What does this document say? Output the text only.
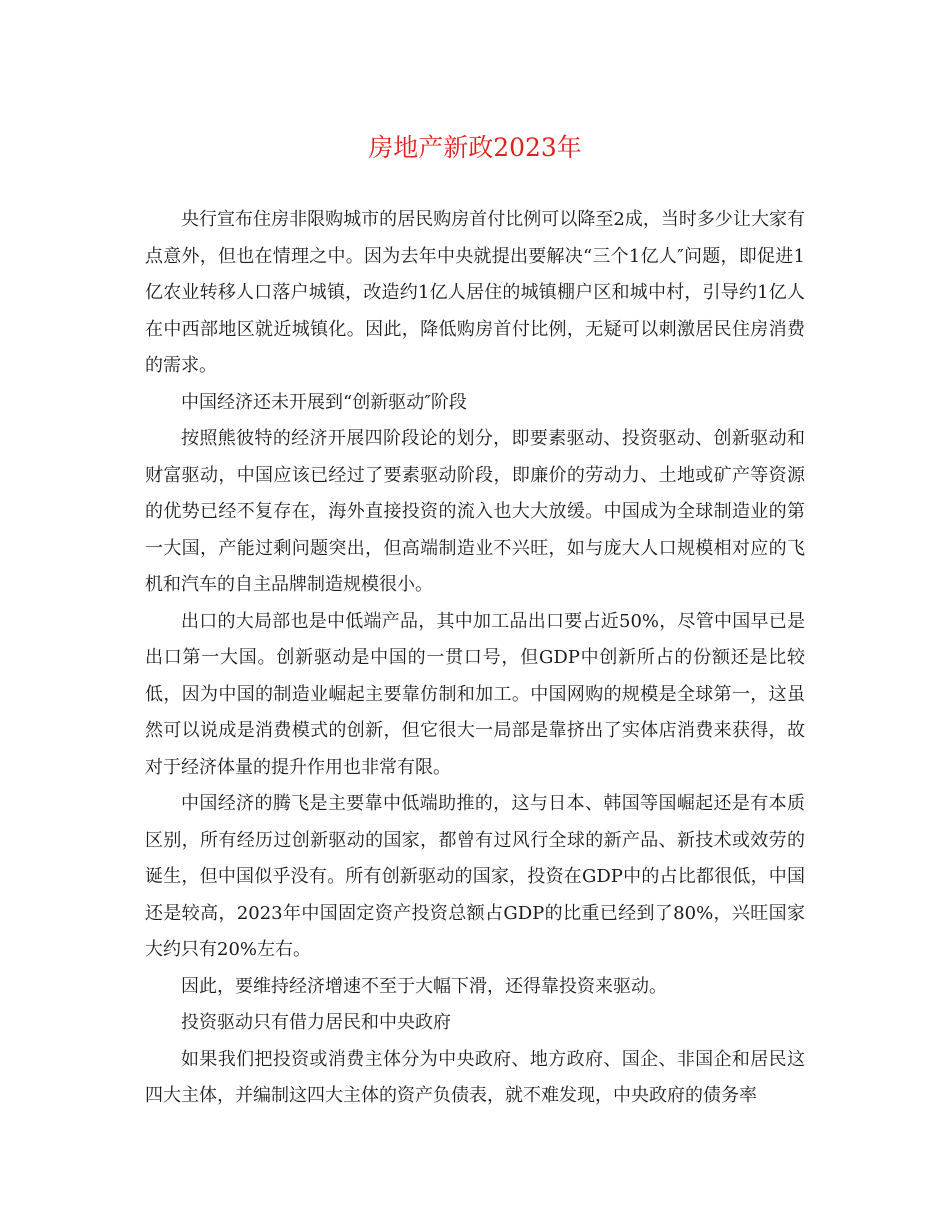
房地产新政2023年

央行宣布住房非限购城市的居民购房首付比例可以降至2成，当时多少让大家有点意外，但也在情理之中。因为去年中央就提出要解决“三个1亿人″问题，即促进1亿农业转移人口落户城镇，改造约1亿人居住的城镇棚户区和城中村，引导约1亿人在中西部地区就近城镇化。因此，降低购房首付比例，无疑可以刺激居民住房消费的需求。

中国经济还未开展到“创新驱动″阶段

按照熊彼特的经济开展四阶段论的划分，即要素驱动、投资驱动、创新驱动和财富驱动，中国应该已经过了要素驱动阶段，即廉价的劳动力、土地或矿产等资源的优势已经不复存在，海外直接投资的流入也大大放缓。中国成为全球制造业的第一大国，产能过剩问题突出，但高端制造业不兴旺，如与庞大人口规模相对应的飞机和汽车的自主品牌制造规模很小。

出口的大局部也是中低端产品，其中加工品出口要占近50%，尽管中国早已是出口第一大国。创新驱动是中国的一贯口号，但GDP中创新所占的份额还是比较低，因为中国的制造业崛起主要靠仿制和加工。中国网购的规模是全球第一，这虽然可以说成是消费模式的创新，但它很大一局部是靠挤出了实体店消费来获得，故对于经济体量的提升作用也非常有限。

中国经济的腾飞是主要靠中低端助推的，这与日本、韩国等国崛起还是有本质区别，所有经历过创新驱动的国家，都曾有过风行全球的新产品、新技术或效劳的诞生，但中国似乎没有。所有创新驱动的国家，投资在GDP中的占比都很低，中国还是较高，2023年中国固定资产投资总额占GDP的比重已经到了80%，兴旺国家大约只有20%左右。

因此，要维持经济增速不至于大幅下滑，还得靠投资来驱动。

投资驱动只有借力居民和中央政府

如果我们把投资或消费主体分为中央政府、地方政府、国企、非国企和居民这四大主体，并编制这四大主体的资产负债表，就不难发现，中央政府的债务率
